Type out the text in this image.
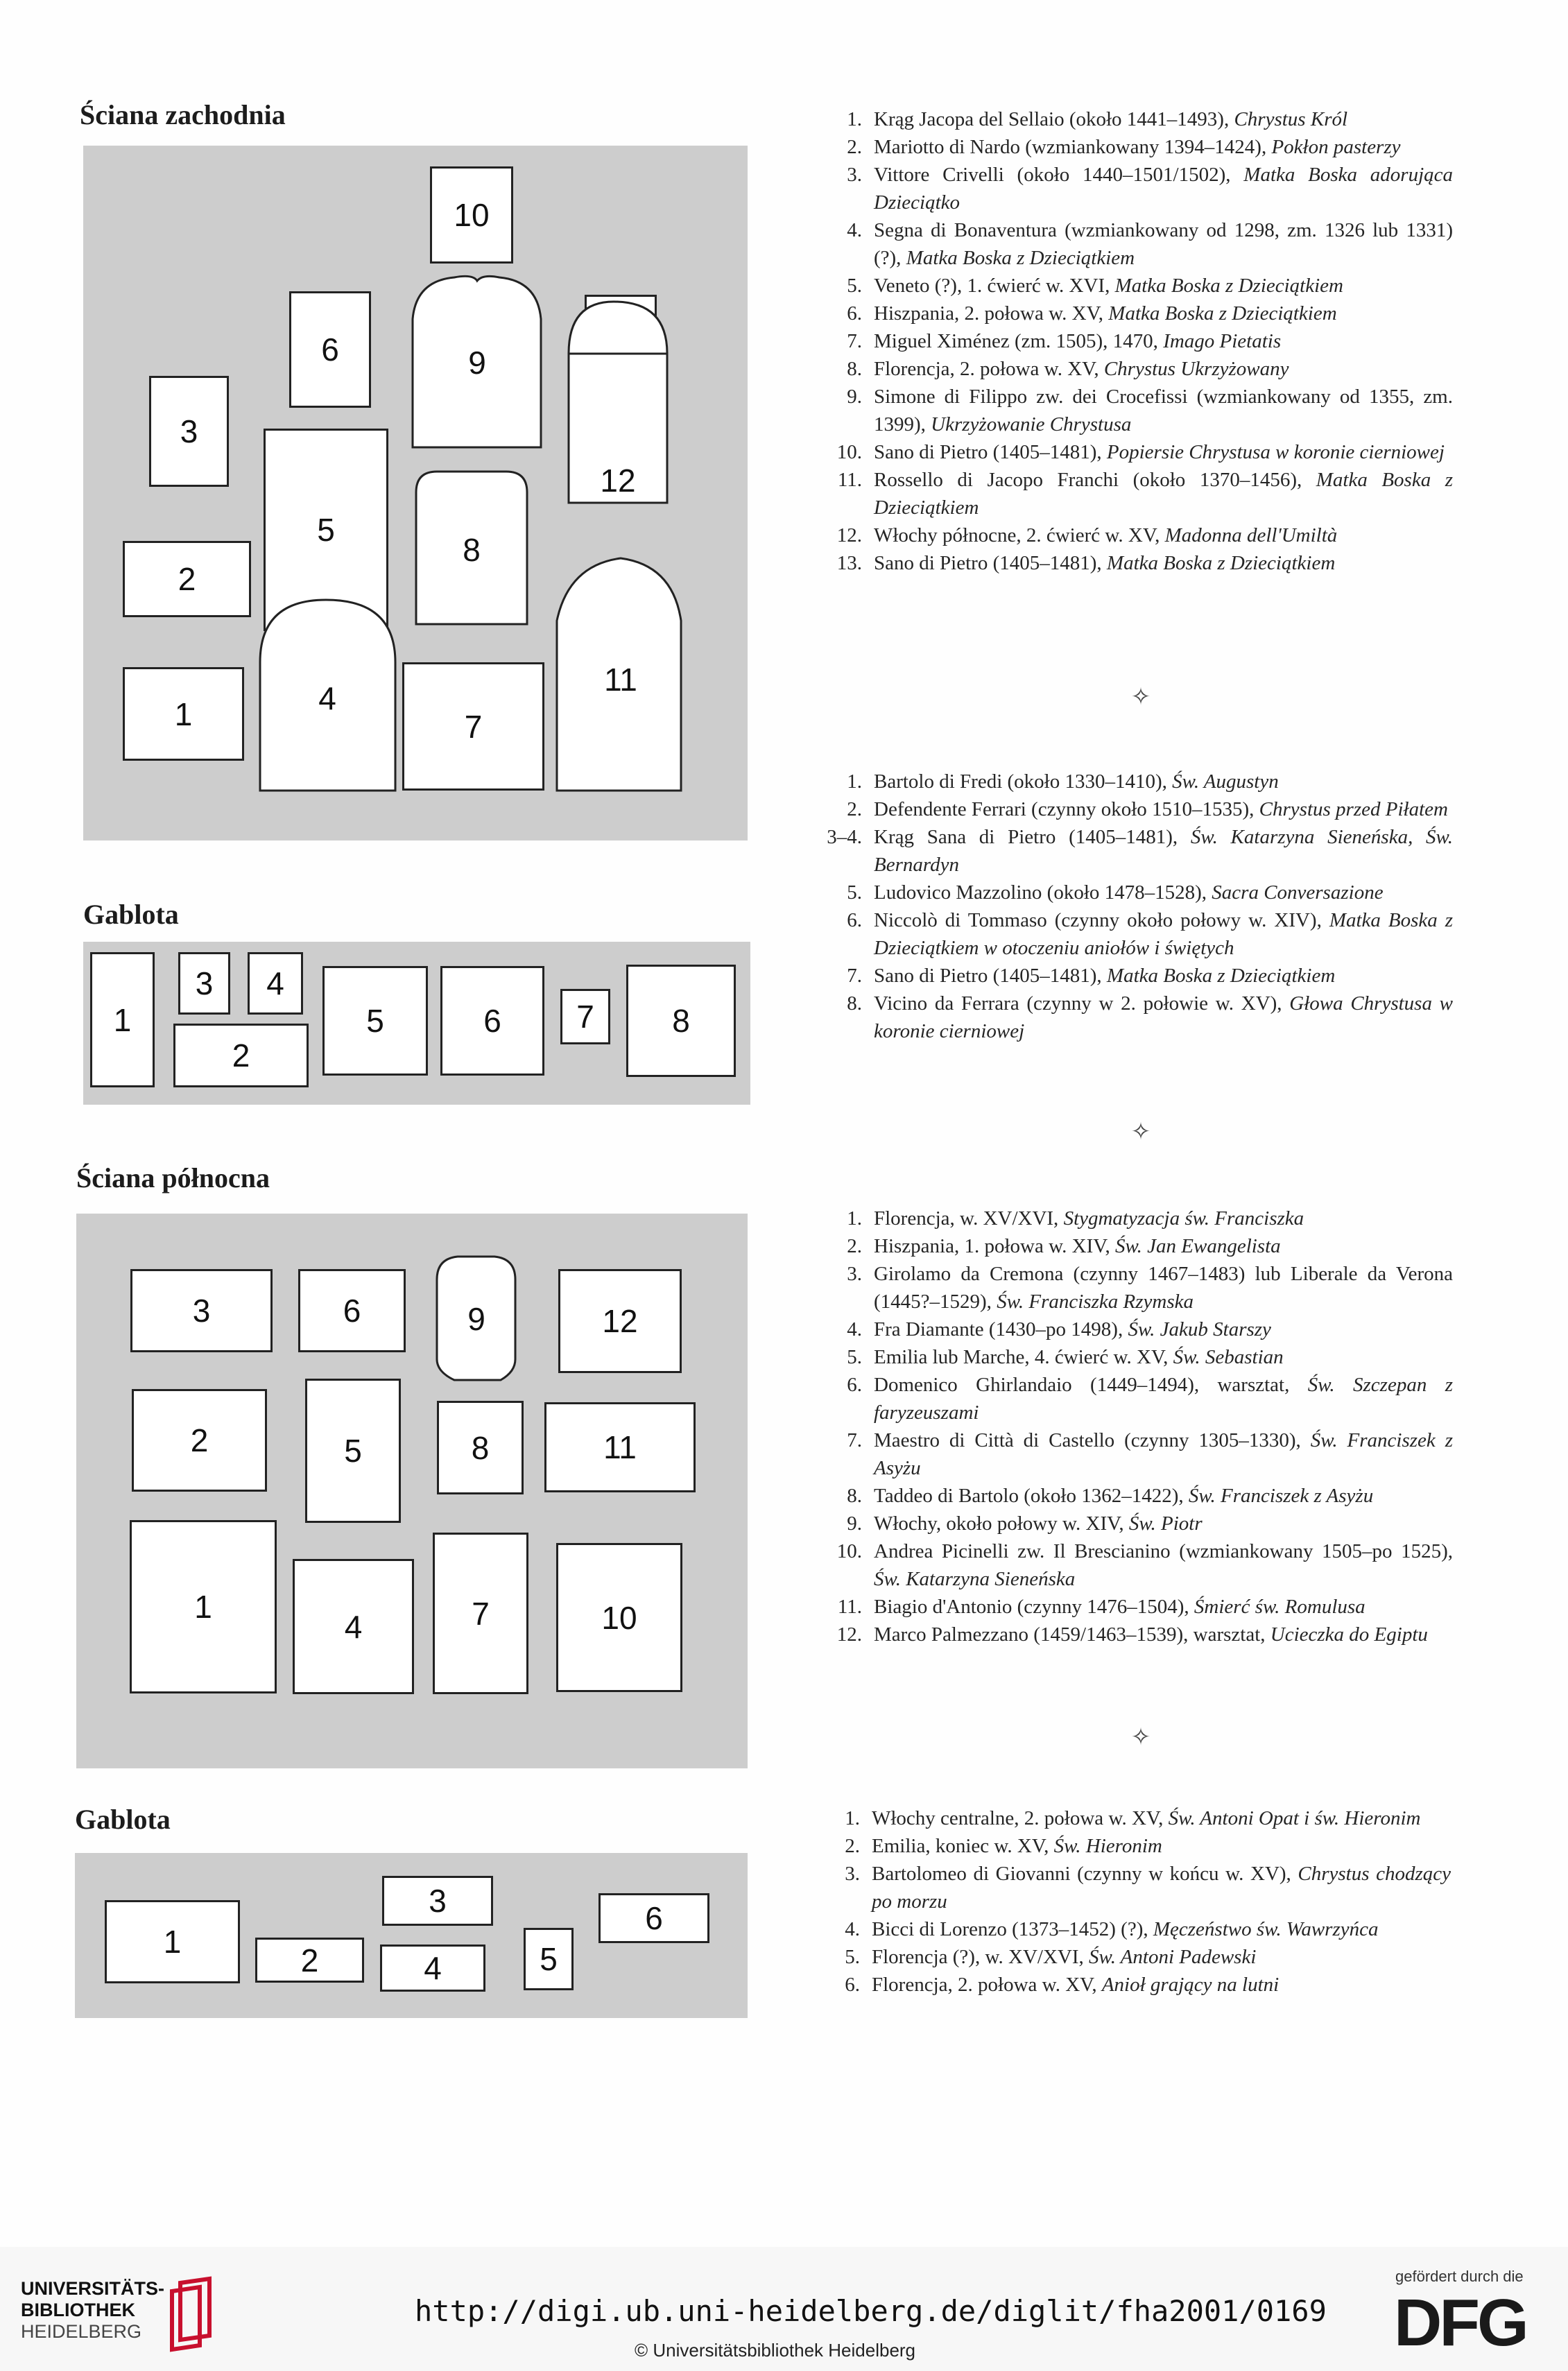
Ściana zachodnia
10
6
3
5
2
1	7
9
12
8
4
11
1. Krąg Jacopa del Sellaio (około 1441–1493), Chrystus Król
2. Mariotto di Nardo (wzmiankowany 1394–1424), Pokłon pasterzy
3. Vittore Crivelli (około 1440–1501/1502), Matka Boska adorująca Dzieciątko
4. Segna di Bonaventura (wzmiankowany od 1298, zm. 1326 lub 1331) (?), Matka Boska z Dzieciątkiem
5. Veneto (?), 1. ćwierć w. XVI, Matka Boska z Dzieciątkiem
6. Hiszpania, 2. połowa w. XV, Matka Boska z Dzieciątkiem
7. Miguel Ximénez (zm. 1505), 1470, Imago Pietatis
8. Florencja, 2. połowa w. XV, Chrystus Ukrzyżowany
9. Simone di Filippo zw. dei Crocefissi (wzmiankowany od 1355, zm. 1399), Ukrzyżowanie Chrystusa
10. Sano di Pietro (1405–1481), Popiersie Chrystusa w koronie cierniowej
11. Rossello di Jacopo Franchi (około 1370–1456), Matka Boska z Dzieciątkiem
12. Włochy północne, 2. ćwierć w. XV, Madonna dell'Umiltà
13. Sano di Pietro (1405–1481), Matka Boska z Dzieciątkiem
✧
Gablota
1
3	4
2
5	6	7	8
1. Bartolo di Fredi (około 1330–1410), Św. Augustyn
2. Defendente Ferrari (czynny około 1510–1535), Chrystus przed Piłatem
3–4. Krąg Sana di Pietro (1405–1481), Św. Katarzyna Sieneńska, Św. Bernardyn
5. Ludovico Mazzolino (około 1478–1528), Sacra Conversazione
6. Niccolò di Tommaso (czynny około połowy w. XIV), Matka Boska z Dzieciątkiem w otoczeniu aniołów i świętych
7. Sano di Pietro (1405–1481), Matka Boska z Dzieciątkiem
8. Vicino da Ferrara (czynny w 2. połowie w. XV), Głowa Chrystusa w koronie cierniowej
✧
Ściana północna
3	6	12
2	5	8	11
1
4	7	10
9
1. Florencja, w. XV/XVI, Stygmatyzacja św. Franciszka
2. Hiszpania, 1. połowa w. XIV, Św. Jan Ewangelista
3. Girolamo da Cremona (czynny 1467–1483) lub Liberale da Verona (1445?–1529), Św. Franciszka Rzymska
4. Fra Diamante (1430–po 1498), Św. Jakub Starszy
5. Emilia lub Marche, 4. ćwierć w. XV, Św. Sebastian
6. Domenico Ghirlandaio (1449–1494), warsztat, Św. Szczepan z faryzeuszami
7. Maestro di Città di Castello (czynny 1305–1330), Św. Franciszek z Asyżu
8. Taddeo di Bartolo (około 1362–1422), Św. Franciszek z Asyżu
9. Włochy, około połowy w. XIV, Św. Piotr
10. Andrea Picinelli zw. Il Brescianino (wzmiankowany 1505–po 1525), Św. Katarzyna Sieneńska
11. Biagio d'Antonio (czynny 1476–1504), Śmierć św. Romulusa
12. Marco Palmezzano (1459/1463–1539), warsztat, Ucieczka do Egiptu
✧
Gablota
1
2
3
4	5
6
1. Włochy centralne, 2. połowa w. XV, Św. Antoni Opat i św. Hieronim
2. Emilia, koniec w. XV, Św. Hieronim
3. Bartolomeo di Giovanni (czynny w końcu w. XV), Chrystus chodzący po morzu
4. Bicci di Lorenzo (1373–1452) (?), Męczeństwo św. Wawrzyńca
5. Florencja (?), w. XV/XVI, Św. Antoni Padewski
6. Florencja, 2. połowa w. XV, Anioł grający na lutni
UNIVERSITÄTS-
BIBLIOTHEK
HEIDELBERG
http://digi.ub.uni-heidelberg.de/diglit/fha2001/0169
© Universitätsbibliothek Heidelberg
gefördert durch die
DFG
